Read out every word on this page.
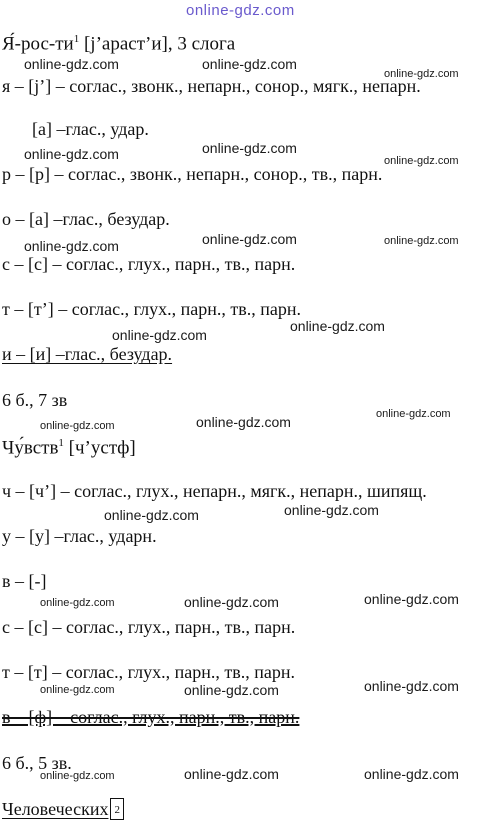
online-gdz.com
$Я́-рос-ти^1$ [j’араст’и], 3 слога
я – [j’] – соглас., звонк., непарн., сонор., мягк., непарн.
[а] –глас., удар.
р – [р] – соглас., звонк., непарн., сонор., тв., парн.
о – [а] –глас., безудар.
с – [с] – соглас., глух., парн., тв., парн.
т – [т’] – соглас., глух., парн., тв., парн.
и – [и] –глас., безудар.
6 б., 7 зв
Чу́вств$^1$ [ч’устф]
ч – [ч’] – соглас., глух., непарн., мягк., непарн., шипящ.
у – [у] –глас., ударн.
в – [-]
с – [с] – соглас., глух., парн., тв., парн.
т – [т] – соглас., глух., парн., тв., парн.
в – [ф] – соглас., глух., парн., тв., парн.
6 б., 5 зв.
Человеческих $^2$
online-gdz.com	online-gdz.com
online-gdz.com
online-gdz.com	online-gdz.com
online-gdz.com
online-gdz.com	online-gdz.com	online-gdz.com
online-gdz.com
online-gdz.com
online-gdz.com
online-gdz.com	online-gdz.com
online-gdz.com	online-gdz.com
online-gdz.com	online-gdz.com	online-gdz.com
online-gdz.com	online-gdz.com	online-gdz.com
online-gdz.com	online-gdz.com	online-gdz.com
